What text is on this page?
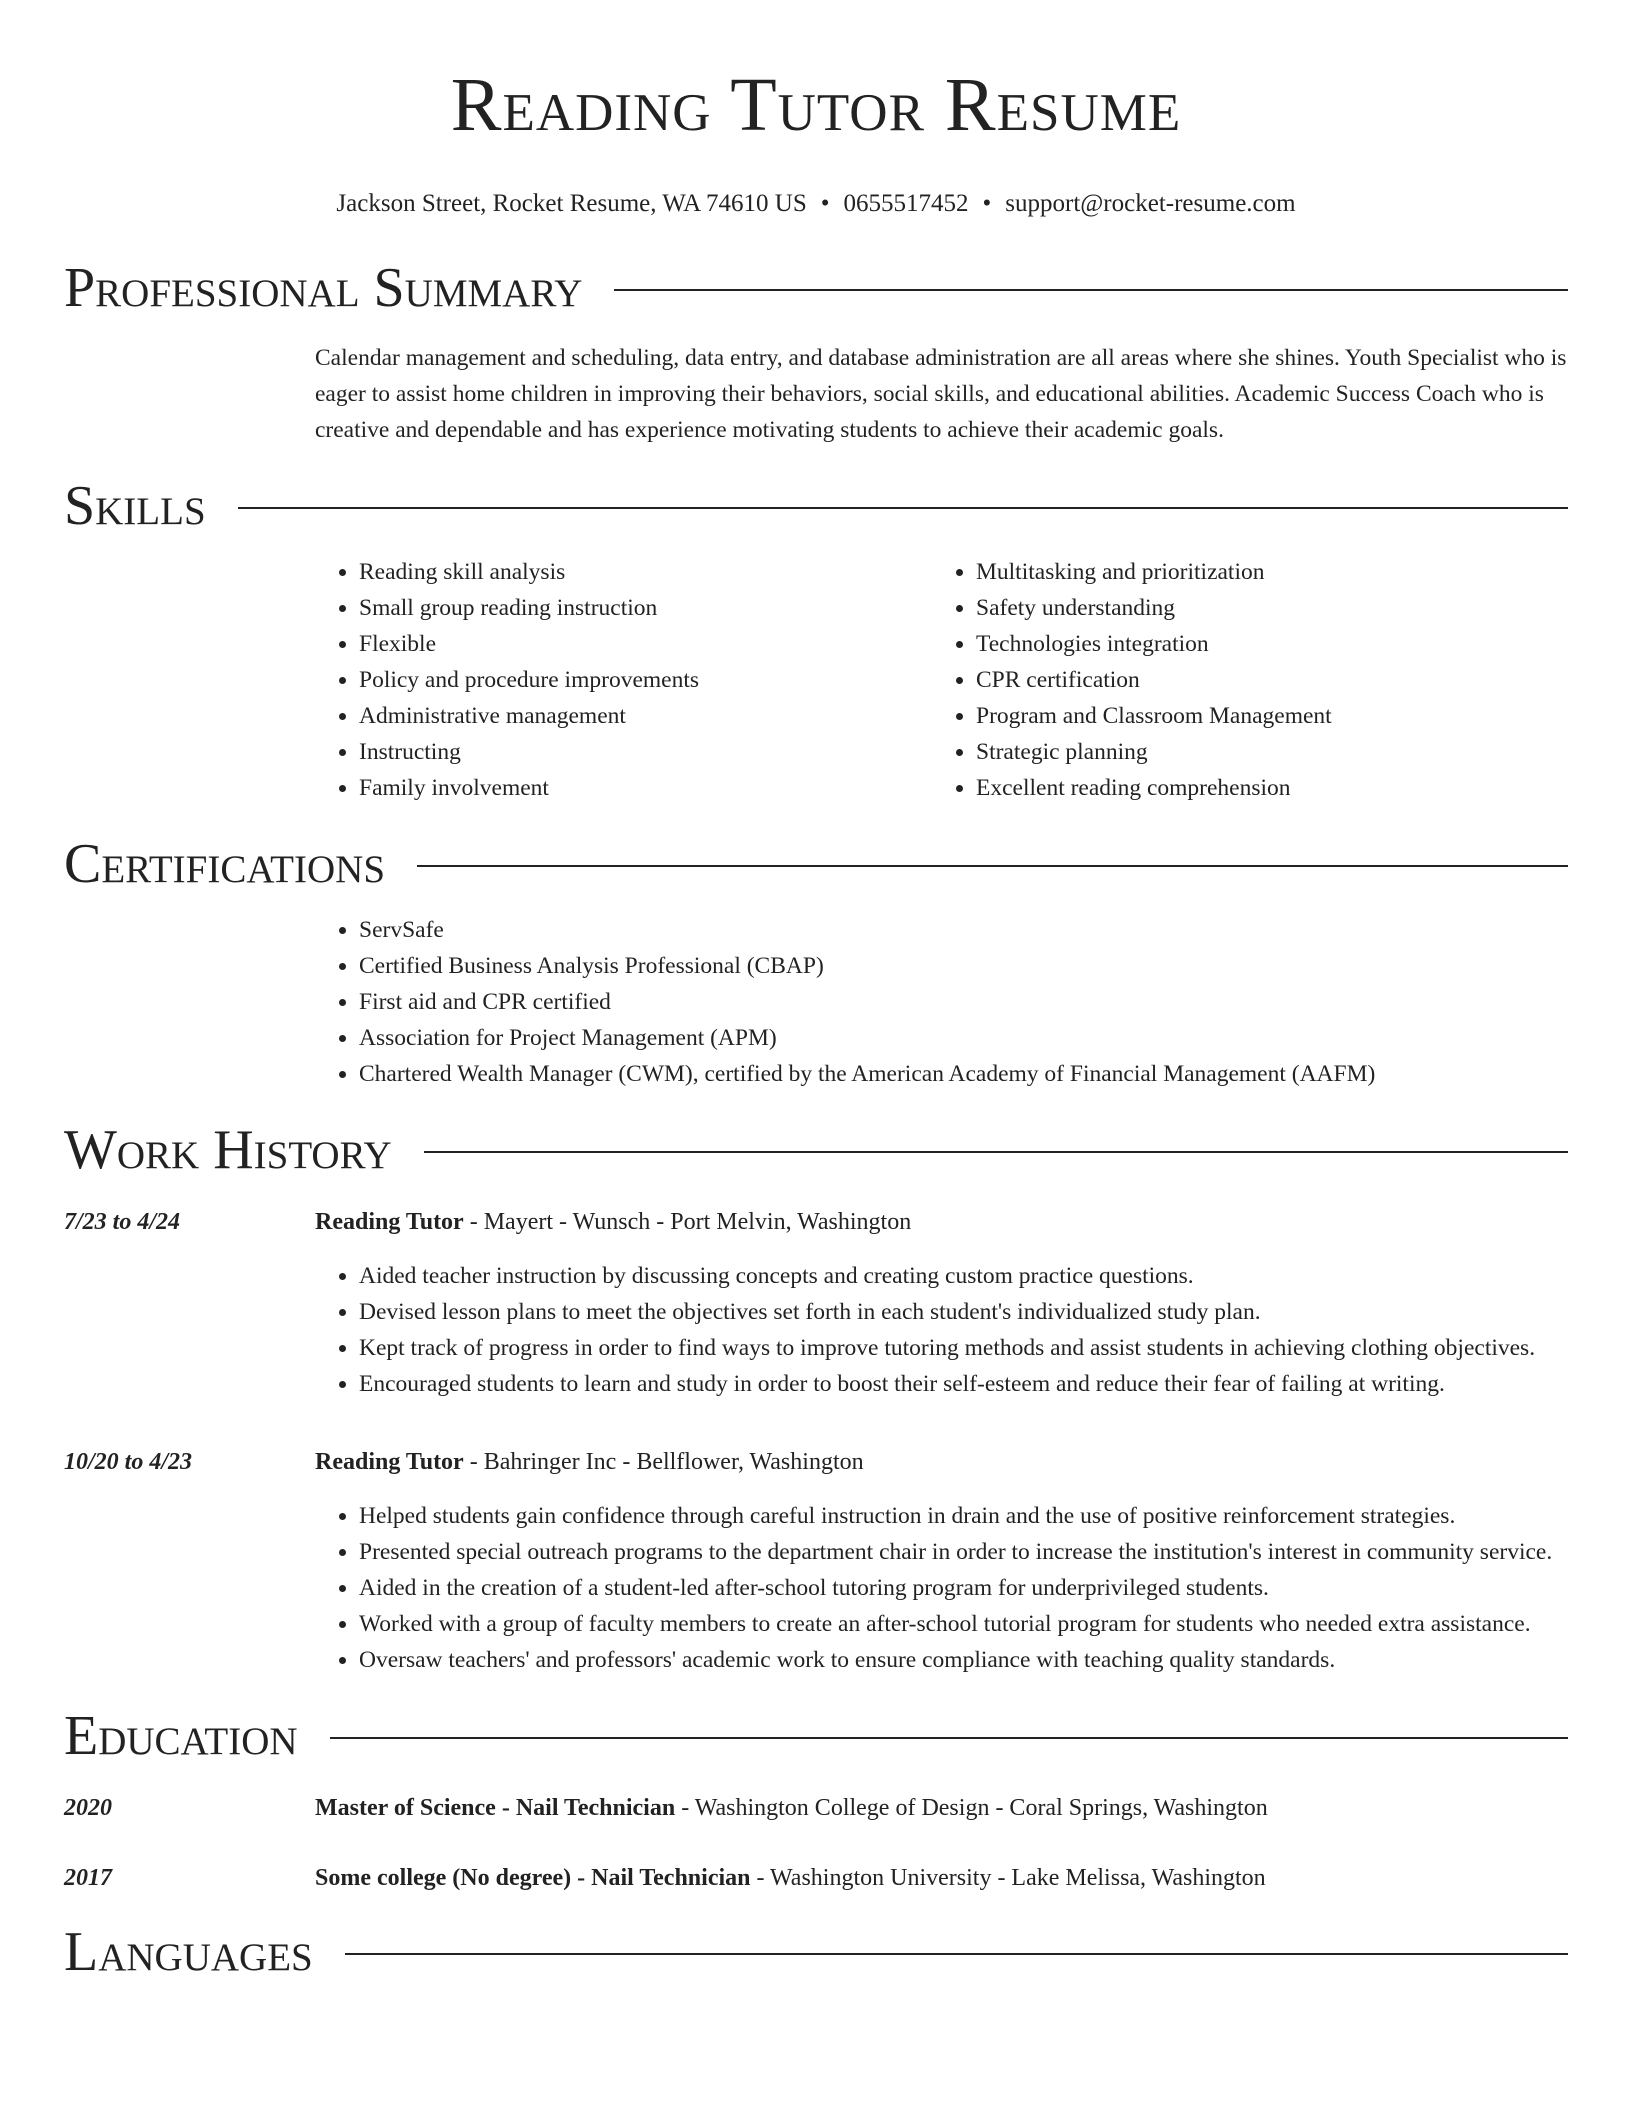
Reading Tutor Resume
Jackson Street, Rocket Resume, WA 74610 US • 0655517452 • support@rocket-resume.com
Professional Summary
Calendar management and scheduling, data entry, and database administration are all areas where she shines. Youth Specialist who is eager to assist home children in improving their behaviors, social skills, and educational abilities. Academic Success Coach who is creative and dependable and has experience motivating students to achieve their academic goals.
Skills
• Reading skill analysis
• Small group reading instruction
• Flexible
• Policy and procedure improvements
• Administrative management
• Instructing
• Family involvement
• Multitasking and prioritization
• Safety understanding
• Technologies integration
• CPR certification
• Program and Classroom Management
• Strategic planning
• Excellent reading comprehension
Certifications
• ServSafe
• Certified Business Analysis Professional (CBAP)
• First aid and CPR certified
• Association for Project Management (APM)
• Chartered Wealth Manager (CWM), certified by the American Academy of Financial Management (AAFM)
Work History
7/23 to 4/24	Reading Tutor - Mayert - Wunsch - Port Melvin, Washington
• Aided teacher instruction by discussing concepts and creating custom practice questions.
• Devised lesson plans to meet the objectives set forth in each student's individualized study plan.
• Kept track of progress in order to find ways to improve tutoring methods and assist students in achieving clothing objectives.
• Encouraged students to learn and study in order to boost their self-esteem and reduce their fear of failing at writing.
10/20 to 4/23	Reading Tutor - Bahringer Inc - Bellflower, Washington
• Helped students gain confidence through careful instruction in drain and the use of positive reinforcement strategies.
• Presented special outreach programs to the department chair in order to increase the institution's interest in community service.
• Aided in the creation of a student-led after-school tutoring program for underprivileged students.
• Worked with a group of faculty members to create an after-school tutorial program for students who needed extra assistance.
• Oversaw teachers' and professors' academic work to ensure compliance with teaching quality standards.
Education
2020	Master of Science - Nail Technician - Washington College of Design - Coral Springs, Washington
2017	Some college (No degree) - Nail Technician - Washington University - Lake Melissa, Washington
Languages
